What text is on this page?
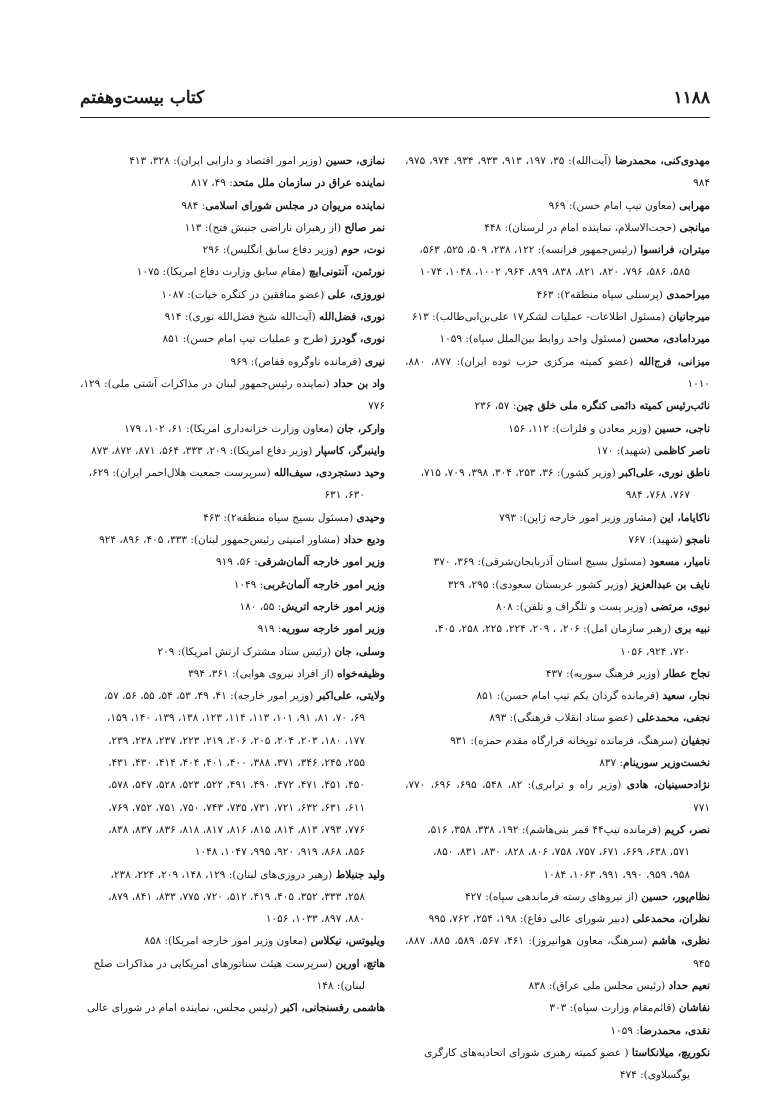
۱۱۸۸
کتاب بیست‌وهفتم
مهدوی‌کنی، محمدرضا (آیت‌الله): ۳۵، ۱۹۷، ۹۱۳، ۹۳۳، ۹۳۴، ۹۷۴، ۹۷۵، ۹۸۴
مهرابی (معاون تیپ امام حسن): ۹۶۹
میانجی (حجت‌الاسلام، نماینده امام در لرستان): ۴۴۸
میتران، فرانسوا (رئیس‌جمهور فرانسه): ۱۲۲، ۲۳۸، ۵۰۹، ۵۲۵، ۵۶۳،
۵۸۵، ۵۸۶، ۷۹۶، ۸۲۰، ۸۲۱، ۸۳۸، ۸۹۹، ۹۶۴، ۱۰۰۲، ۱۰۴۸، ۱۰۷۴
میراحمدی (پرسنلی سپاه منطقه۲): ۴۶۳
میرجانیان (مسئول اطلاعات- عملیات لشکر۱۷ علی‌بن‌ابی‌طالب): ۶۱۳
میردامادی، محسن (مسئول واحد روابط بین‌الملل سپاه): ۱۰۵۹
میزانی، فرج‌الله (عضو کمیته مرکزی حزب توده ایران): ۸۷۷، ۸۸۰، ۱۰۱۰
نائب‌رئیس کمیته دائمی کنگره ملی خلق چین: ۵۷، ۲۳۶
ناجی، حسین (وزیر معادن و فلزات): ۱۱۲، ۱۵۶
ناصر کاظمی (شهید): ۱۷۰
ناطق نوری، علی‌اکبر (وزیر کشور): ۳۶، ۲۵۳، ۳۰۴، ۳۹۸، ۷۰۹، ۷۱۵،
۷۶۷، ۷۶۸، ۹۸۴
ناکایاما، این (مشاور وزیر امور خارجه ژاپن): ۷۹۳
نامجو (شهید): ۷۶۷
نامیار، مسعود (مسئول بسیج استان آذربایجان‌شرقی): ۳۶۹، ۳۷۰
نایف بن عبدالعزیز (وزیر کشور عربستان سعودی): ۲۹۵، ۳۲۹
نبوی، مرتضی (وزیر پست و تلگراف و تلفن): ۸۰۸
نبیه بری (رهبر سازمان امل): ۲۰۶، ، ۲۰۹، ۲۲۴، ۲۲۵، ۲۵۸، ۴۰۵،
۷۲۰، ۹۲۴، ۱۰۵۶
نجاح عطار (وزیر فرهنگ سوریه): ۴۳۷
نجار، سعید (فرمانده گردان یکم تیپ امام حسن): ۸۵۱
نجفی، محمدعلی (عضو ستاد انقلاب فرهنگی): ۸۹۳
نجفیان (سرهنگ، فرمانده توپخانه قرارگاه مقدم حمزه): ۹۳۱
نخست‌وزیر سورینام: ۸۳۷
نژادحسینیان، هادی (وزیر راه و ترابری): ۸۲، ۵۴۸، ۶۹۵، ۶۹۶، ۷۷۰، ۷۷۱
نصر، کریم (فرمانده تیپ۴۴ قمر بنی‌هاشم): ۱۹۲، ۳۳۸، ۳۵۸، ۵۱۶،
۵۷۱، ۶۳۸، ۶۶۹، ۶۷۱، ۷۵۷، ۷۵۸، ۸۰۶، ۸۲۸، ۸۳۰، ۸۳۱، ۸۵۰،
۹۵۸، ۹۵۹، ۹۹۰، ۹۹۱، ۱۰۶۳، ۱۰۸۴
نظام‌پور، حسین (از نیروهای رسته فرماندهی سپاه): ۴۲۷
نظران، محمدعلی (دبیر شورای عالی دفاع): ۱۹۸، ۲۵۴، ۷۶۲، ۹۹۵
نظری، هاشم (سرهنگ، معاون هوانیروز): ۴۶۱، ۵۶۷، ۵۸۹، ۸۸۵، ۸۸۷، ۹۴۵
نعیم حداد (رئیس مجلس ملی عراق): ۸۳۸
نفاشان (قائم‌مقام وزارت سپاه): ۳۰۳
نقدی، محمدرضا: ۱۰۵۹
نکوریچ، میلانکاستا ( عضو کمیته رهبری شورای اتحادیه‌های کارگری
یوگسلاوی): ۴۷۴
نمازی، حسین (وزیر امور اقتصاد و دارایی ایران): ۳۲۸، ۴۱۳
نماینده عراق در سازمان ملل متحد: ۴۹، ۸۱۷
نماینده مریوان در مجلس شورای اسلامی: ۹۸۴
نمر صالح (از رهبران ناراضی جنبش فتح): ۱۱۳
نوت، حوم (وزیر دفاع سابق انگلیس): ۲۹۶
نورثمن، آنتونی‌ایچ (مقام سابق وزارت دفاع امریکا): ۱۰۷۵
نوروزی، علی (عضو منافقین در کنگره خیات): ۱۰۸۷
نوری، فضل‌الله (آیت‌الله شیخ فضل‌الله نوری): ۹۱۴
نوری، گودرز (طرح و عملیات تیپ امام حسن): ۸۵۱
نیری (فرمانده ناوگروه قفاص): ۹۶۹
واد بن حداد (نماینده رئیس‌جمهور لبنان در مذاکرات آشتی ملی): ۱۲۹، ۷۷۶
وارکر، جان (معاون وزارت خزانه‌داری امریکا): ۶۱، ۱۰۲، ۱۷۹
واینبرگر، کاسپار (وزیر دفاع امریکا): ۲۰۹، ۳۳۳، ۵۶۴، ۸۷۱، ۸۷۲، ۸۷۳
وحید دستجردی، سیف‌الله (سرپرست جمعیت هلال‌احمر ایران): ۶۲۹،
۶۳۰، ۶۳۱
وحیدی (مسئول بسیج سپاه منطقه۲): ۴۶۳
ودیع حداد (مشاور امنیتی رئیس‌جمهور لبنان): ۳۳۳، ۴۰۵، ۸۹۶، ۹۲۴
وزیر امور خارجه آلمان‌شرقی: ۵۶، ۹۱۹
وزیر امور خارجه آلمان‌غربی: ۱۰۴۹
وزیر امور خارجه اتریش: ۵۵، ۱۸۰
وزیر امور خارجه سوریه: ۹۱۹
وسلی، جان (رئیس ستاد مشترک ارتش امریکا): ۲۰۹
وظیفه‌خواه (از افراد نیروی هوایی): ۳۶۱، ۳۹۴
ولایتی، علی‌اکبر (وزیر امور خارجه): ۴۱، ۴۹، ۵۳، ۵۴، ۵۵، ۵۶، ۵۷،
۶۹، ۷۰، ۸۱، ۹۱، ۱۰۱، ۱۱۳، ۱۱۴، ۱۲۳، ۱۳۸، ۱۳۹، ۱۴۰، ۱۵۹،
۱۷۷، ۱۸۰، ۲۰۳، ۲۰۴، ۲۰۵، ۲۰۶، ۲۱۹، ۲۲۳، ۲۳۷، ۲۳۸، ۲۳۹،
۲۵۵، ۲۴۵، ۳۴۶، ۳۷۱، ۳۸۸، ۴۰۰، ۴۰۱، ۴۰۴، ۴۱۴، ۴۳۰، ۴۳۱،
۴۵۰، ۴۵۱، ۴۷۱، ۴۷۲، ۴۹۰، ۴۹۱، ۵۲۲، ۵۲۳، ۵۲۸، ۵۴۷، ۵۷۸،
۶۱۱، ۶۳۱، ۶۳۲، ۷۲۱، ۷۳۱، ۷۳۵، ۷۴۳، ۷۵۰، ۷۵۱، ۷۵۲، ۷۶۹،
۷۷۶، ۷۹۳، ۸۱۳، ۸۱۴، ۸۱۵، ۸۱۶، ۸۱۷، ۸۱۸، ۸۳۶، ۸۳۷، ۸۳۸،
۸۵۶، ۸۶۸، ۹۱۹، ۹۲۰، ۹۹۵، ۱۰۴۷، ۱۰۴۸
ولید جنبلاط (رهبر دروزی‌های لبنان): ۱۲۹، ۱۴۸، ۲۰۹، ۲۲۴، ۲۳۸،
۲۵۸، ۳۳۳، ۳۵۲، ۴۰۵، ۴۱۹، ۵۱۲، ۷۲۰، ۷۷۵، ۸۳۳، ۸۴۱، ۸۷۹،
۸۸۰، ۸۹۷، ۱۰۳۳، ۱۰۵۶
ویلیوتس، نیکلاس (معاون وزیر امور خارجه امریکا): ۸۵۸
هاتچ، اورین (سرپرست هیئت سناتورهای امریکایی در مذاکرات صلح
لبنان): ۱۴۸
هاشمی رفسنجانی، اکبر (رئیس مجلس، نماینده امام در شورای عالی
